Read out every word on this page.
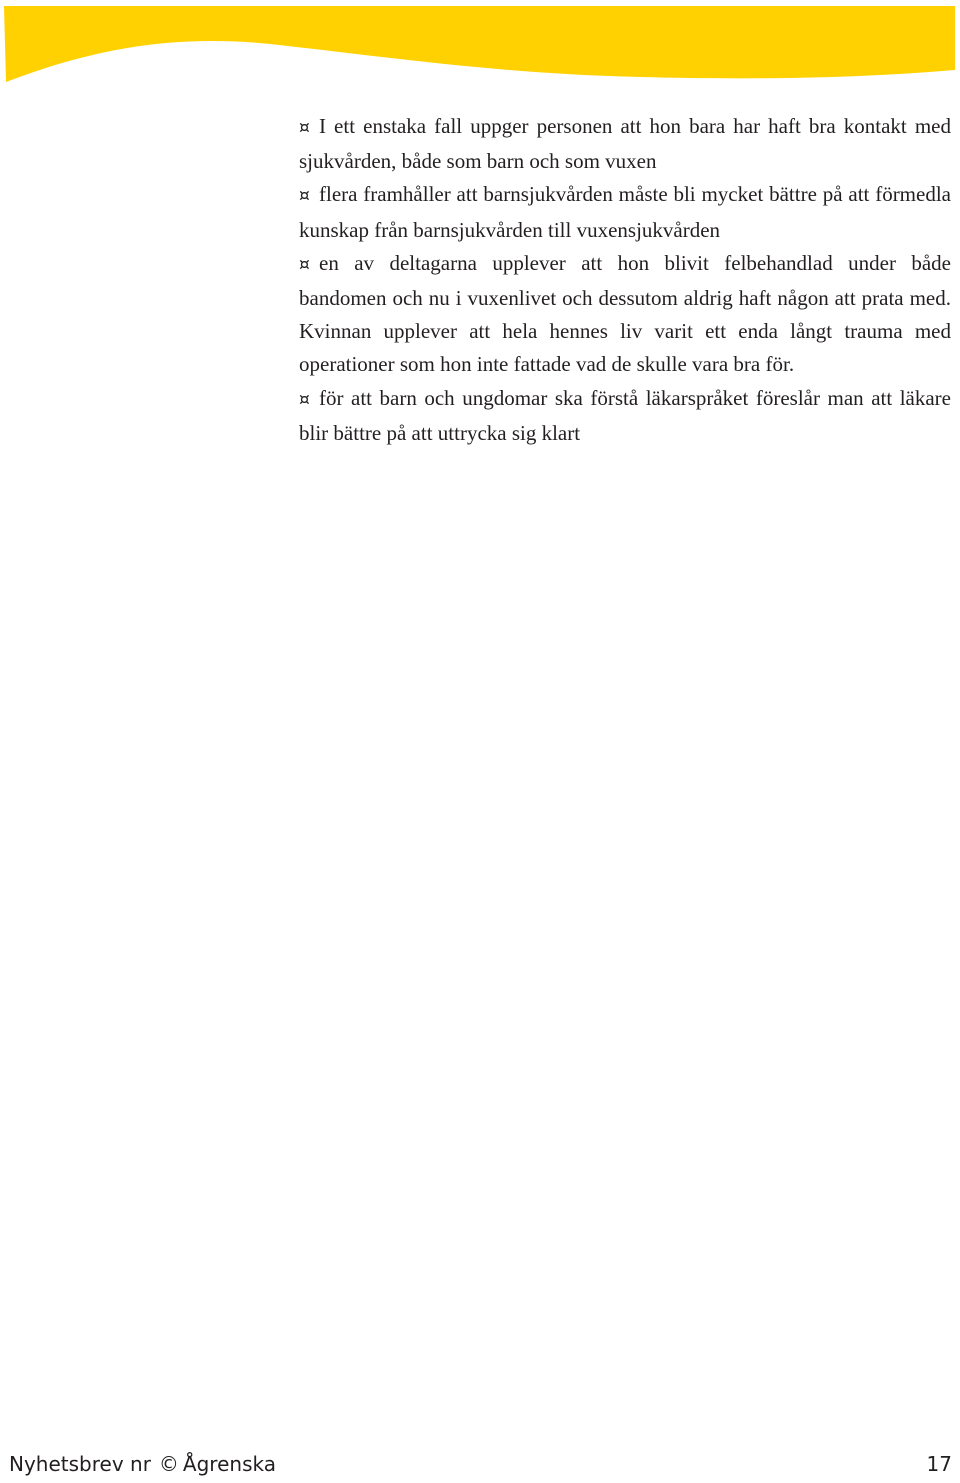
¤ I ett enstaka fall uppger personen att hon bara har haft bra kontakt med sjukvården, både som barn och som vuxen

¤ flera framhåller att barnsjukvården måste bli mycket bättre på att förmedla kunskap från barnsjukvården till vuxensjukvården

¤ en av deltagarna upplever att hon blivit felbehandlad under både bandomen och nu i vuxenlivet och dessutom aldrig haft någon att prata med. Kvinnan upplever att hela hennes liv varit ett enda långt trauma med operationer som hon inte fattade vad de skulle vara bra för.

¤ för att barn och ungdomar ska förstå läkarspråket föreslår man att läkare blir bättre på att uttrycka sig klart

Nyhetsbrev nr © Ågrenska	17
